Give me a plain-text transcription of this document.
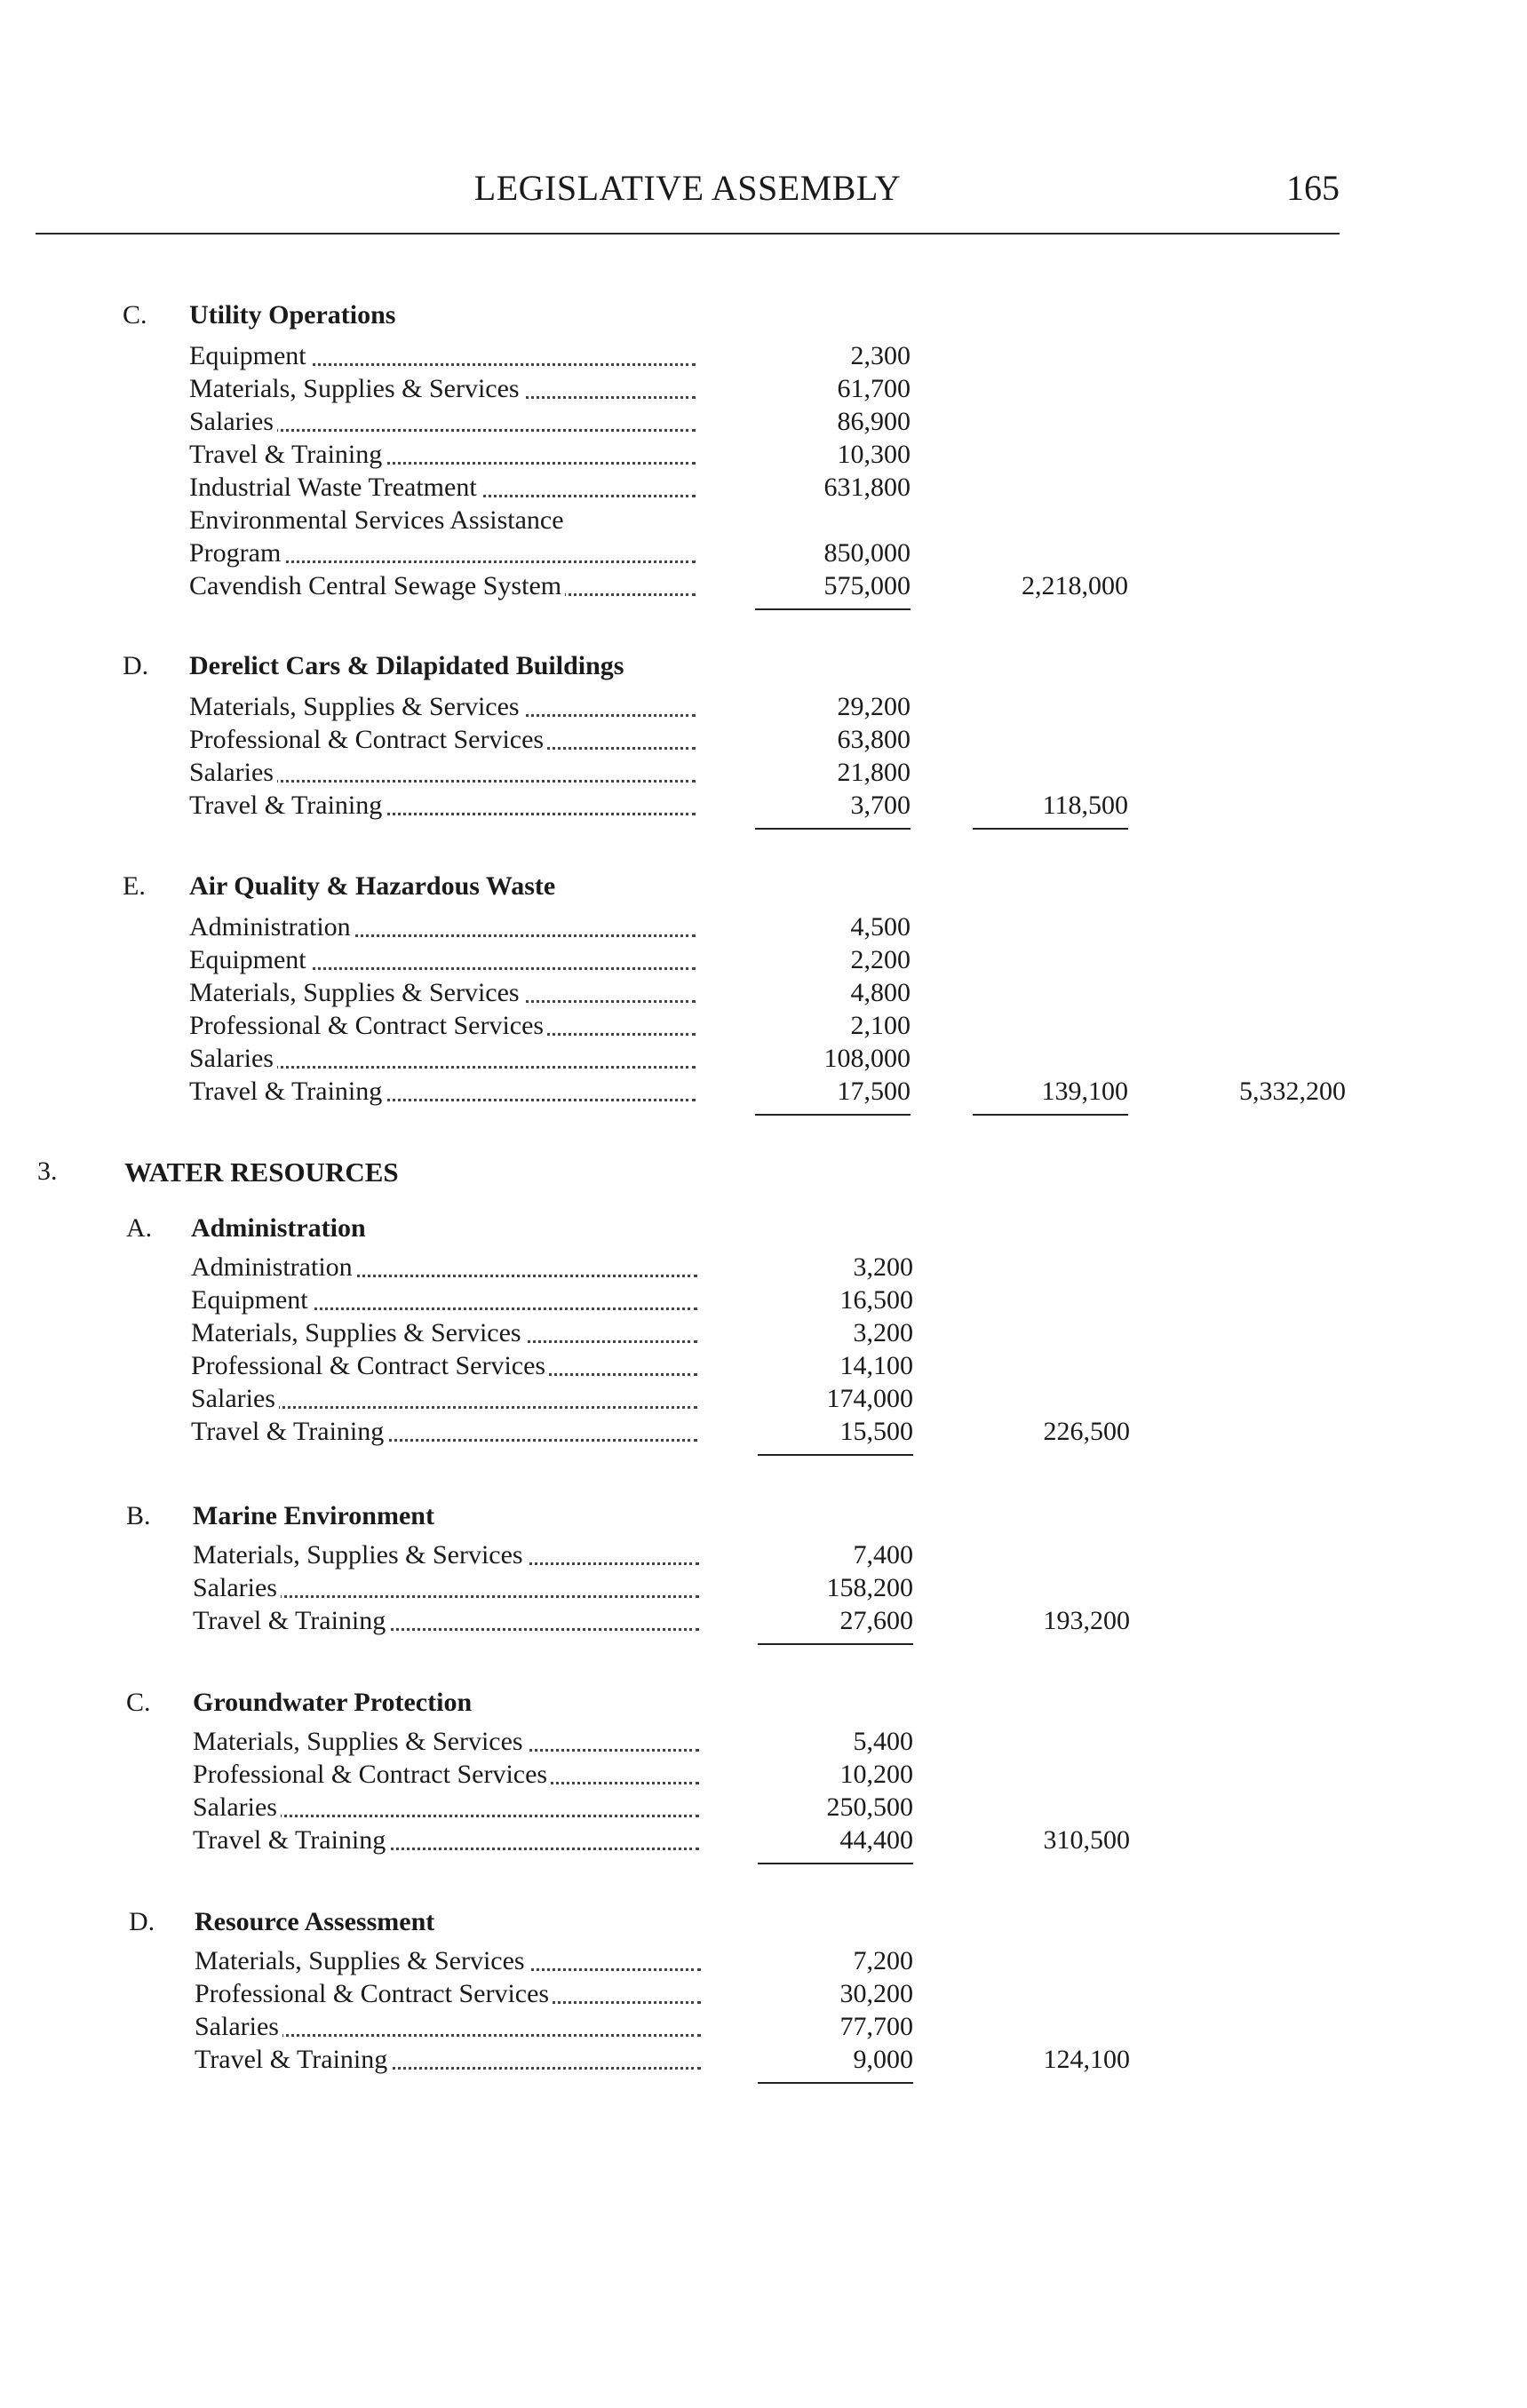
LEGISLATIVE ASSEMBLY	165
C. Utility Operations
Equipment	2,300
Materials, Supplies & Services	61,700
Salaries	86,900
Travel & Training	10,300
Industrial Waste Treatment	631,800
Environmental Services Assistance
Program	850,000
Cavendish Central Sewage System	575,000	2,218,000
D. Derelict Cars & Dilapidated Buildings
Materials, Supplies & Services	29,200
Professional & Contract Services	63,800
Salaries	21,800
Travel & Training	3,700	118,500
E. Air Quality & Hazardous Waste
Administration	4,500
Equipment	2,200
Materials, Supplies & Services	4,800
Professional & Contract Services	2,100
Salaries	108,000
Travel & Training	17,500	139,100	5,332,200
3. WATER RESOURCES
A. Administration
Administration	3,200
Equipment	16,500
Materials, Supplies & Services	3,200
Professional & Contract Services	14,100
Salaries	174,000
Travel & Training	15,500	226,500
B. Marine Environment
Materials, Supplies & Services	7,400
Salaries	158,200
Travel & Training	27,600	193,200
C. Groundwater Protection
Materials, Supplies & Services	5,400
Professional & Contract Services	10,200
Salaries	250,500
Travel & Training	44,400	310,500
D. Resource Assessment
Materials, Supplies & Services	7,200
Professional & Contract Services	30,200
Salaries	77,700
Travel & Training	9,000	124,100
